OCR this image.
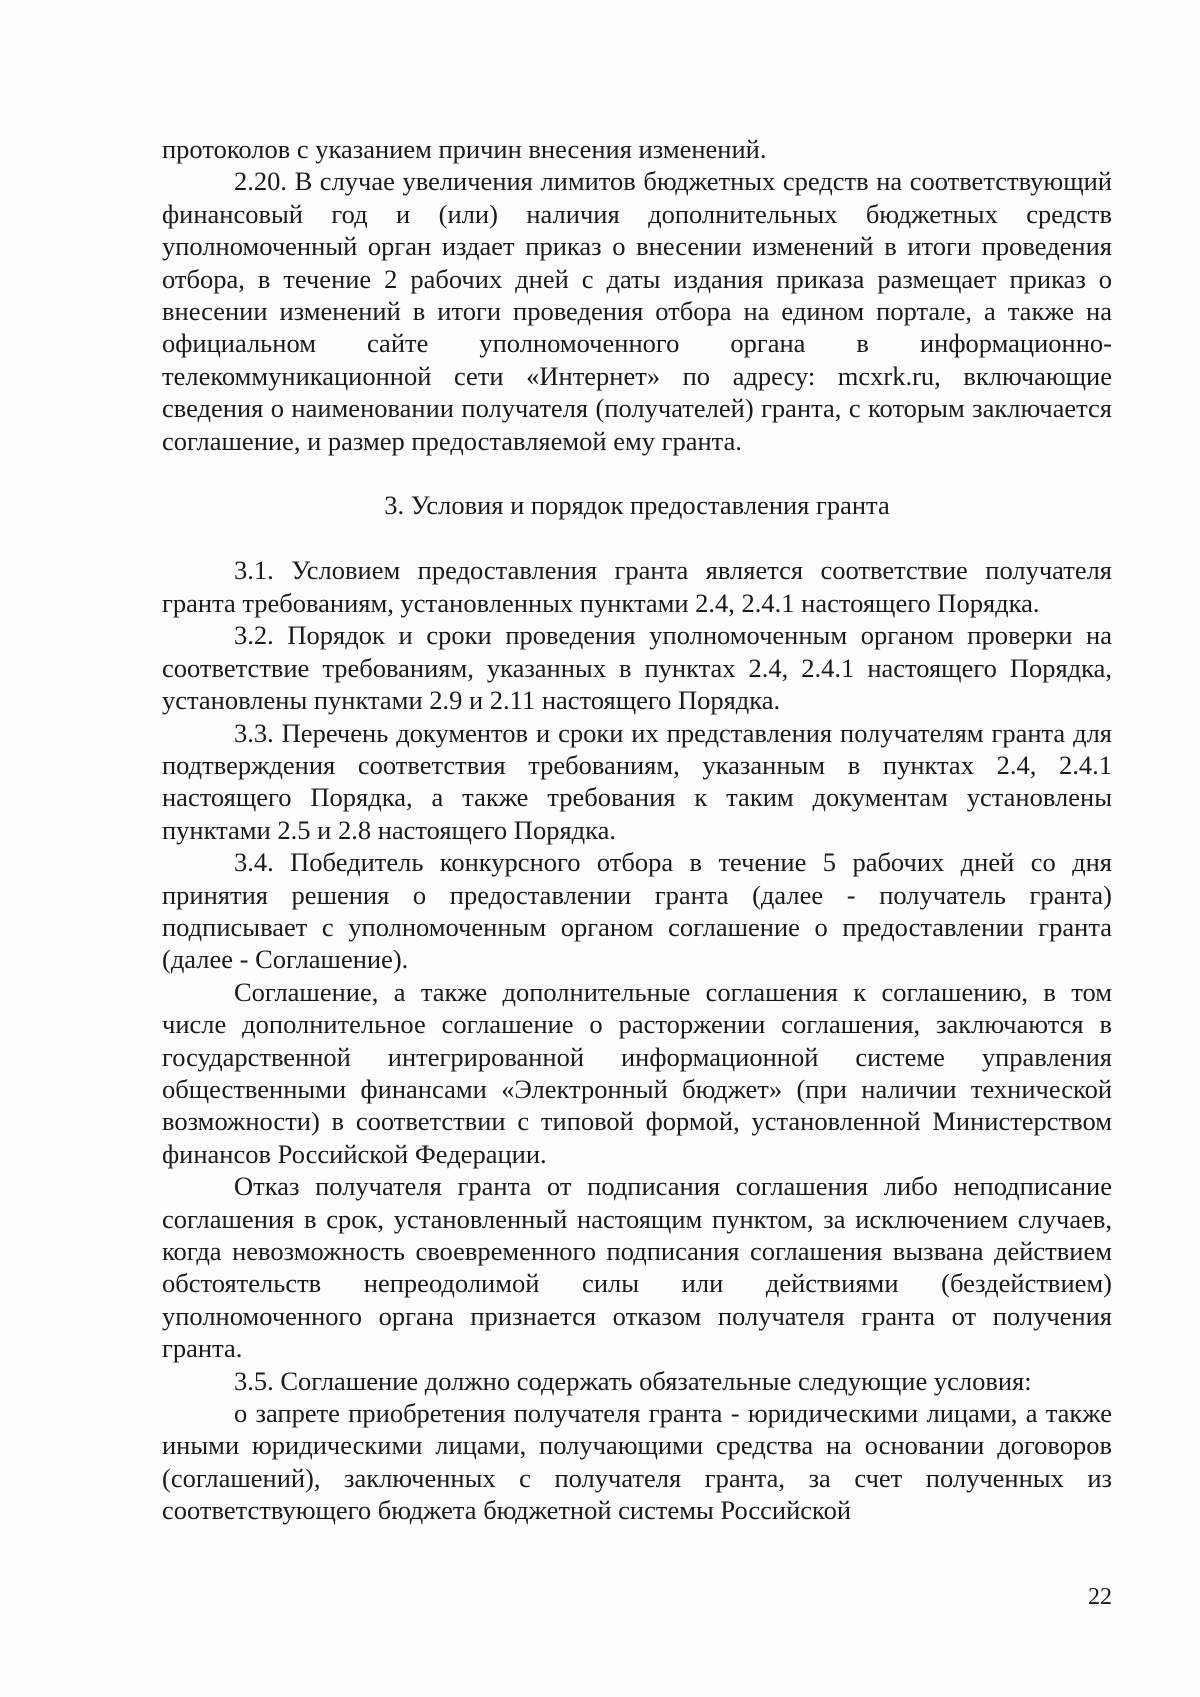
протоколов с указанием причин внесения изменений.

2.20. В случае увеличения лимитов бюджетных средств на соответствующий финансовый год и (или) наличия дополнительных бюджетных средств уполномоченный орган издает приказ о внесении изменений в итоги проведения отбора, в течение 2 рабочих дней с даты издания приказа размещает приказ о внесении изменений в итоги проведения отбора на едином портале, а также на официальном сайте уполномоченного органа в информационно-телекоммуникационной сети «Интернет» по адресу: mcxrk.ru, включающие сведения о наименовании получателя (получателей) гранта, с которым заключается соглашение, и размер предоставляемой ему гранта.

3. Условия и порядок предоставления гранта

3.1. Условием предоставления гранта является соответствие получателя гранта требованиям, установленных пунктами 2.4, 2.4.1 настоящего Порядка.

3.2. Порядок и сроки проведения уполномоченным органом проверки на соответствие требованиям, указанных в пунктах 2.4, 2.4.1 настоящего Порядка, установлены пунктами 2.9 и 2.11 настоящего Порядка.

3.3. Перечень документов и сроки их представления получателям гранта для подтверждения соответствия требованиям, указанным в пунктах 2.4, 2.4.1 настоящего Порядка, а также требования к таким документам установлены пунктами 2.5 и 2.8 настоящего Порядка.

3.4. Победитель конкурсного отбора в течение 5 рабочих дней со дня принятия решения о предоставлении гранта (далее - получатель гранта) подписывает с уполномоченным органом соглашение о предоставлении гранта (далее - Соглашение).

Соглашение, а также дополнительные соглашения к соглашению, в том числе дополнительное соглашение о расторжении соглашения, заключаются в государственной интегрированной информационной системе управления общественными финансами «Электронный бюджет» (при наличии технической возможности) в соответствии с типовой формой, установленной Министерством финансов Российской Федерации.

Отказ получателя гранта от подписания соглашения либо неподписание соглашения в срок, установленный настоящим пунктом, за исключением случаев, когда невозможность своевременного подписания соглашения вызвана действием обстоятельств непреодолимой силы или действиями (бездействием) уполномоченного органа признается отказом получателя гранта от получения гранта.

3.5. Соглашение должно содержать обязательные следующие условия:

о запрете приобретения получателя гранта - юридическими лицами, а также иными юридическими лицами, получающими средства на основании договоров (соглашений), заключенных с получателя гранта, за счет полученных из соответствующего бюджета бюджетной системы Российской

22
